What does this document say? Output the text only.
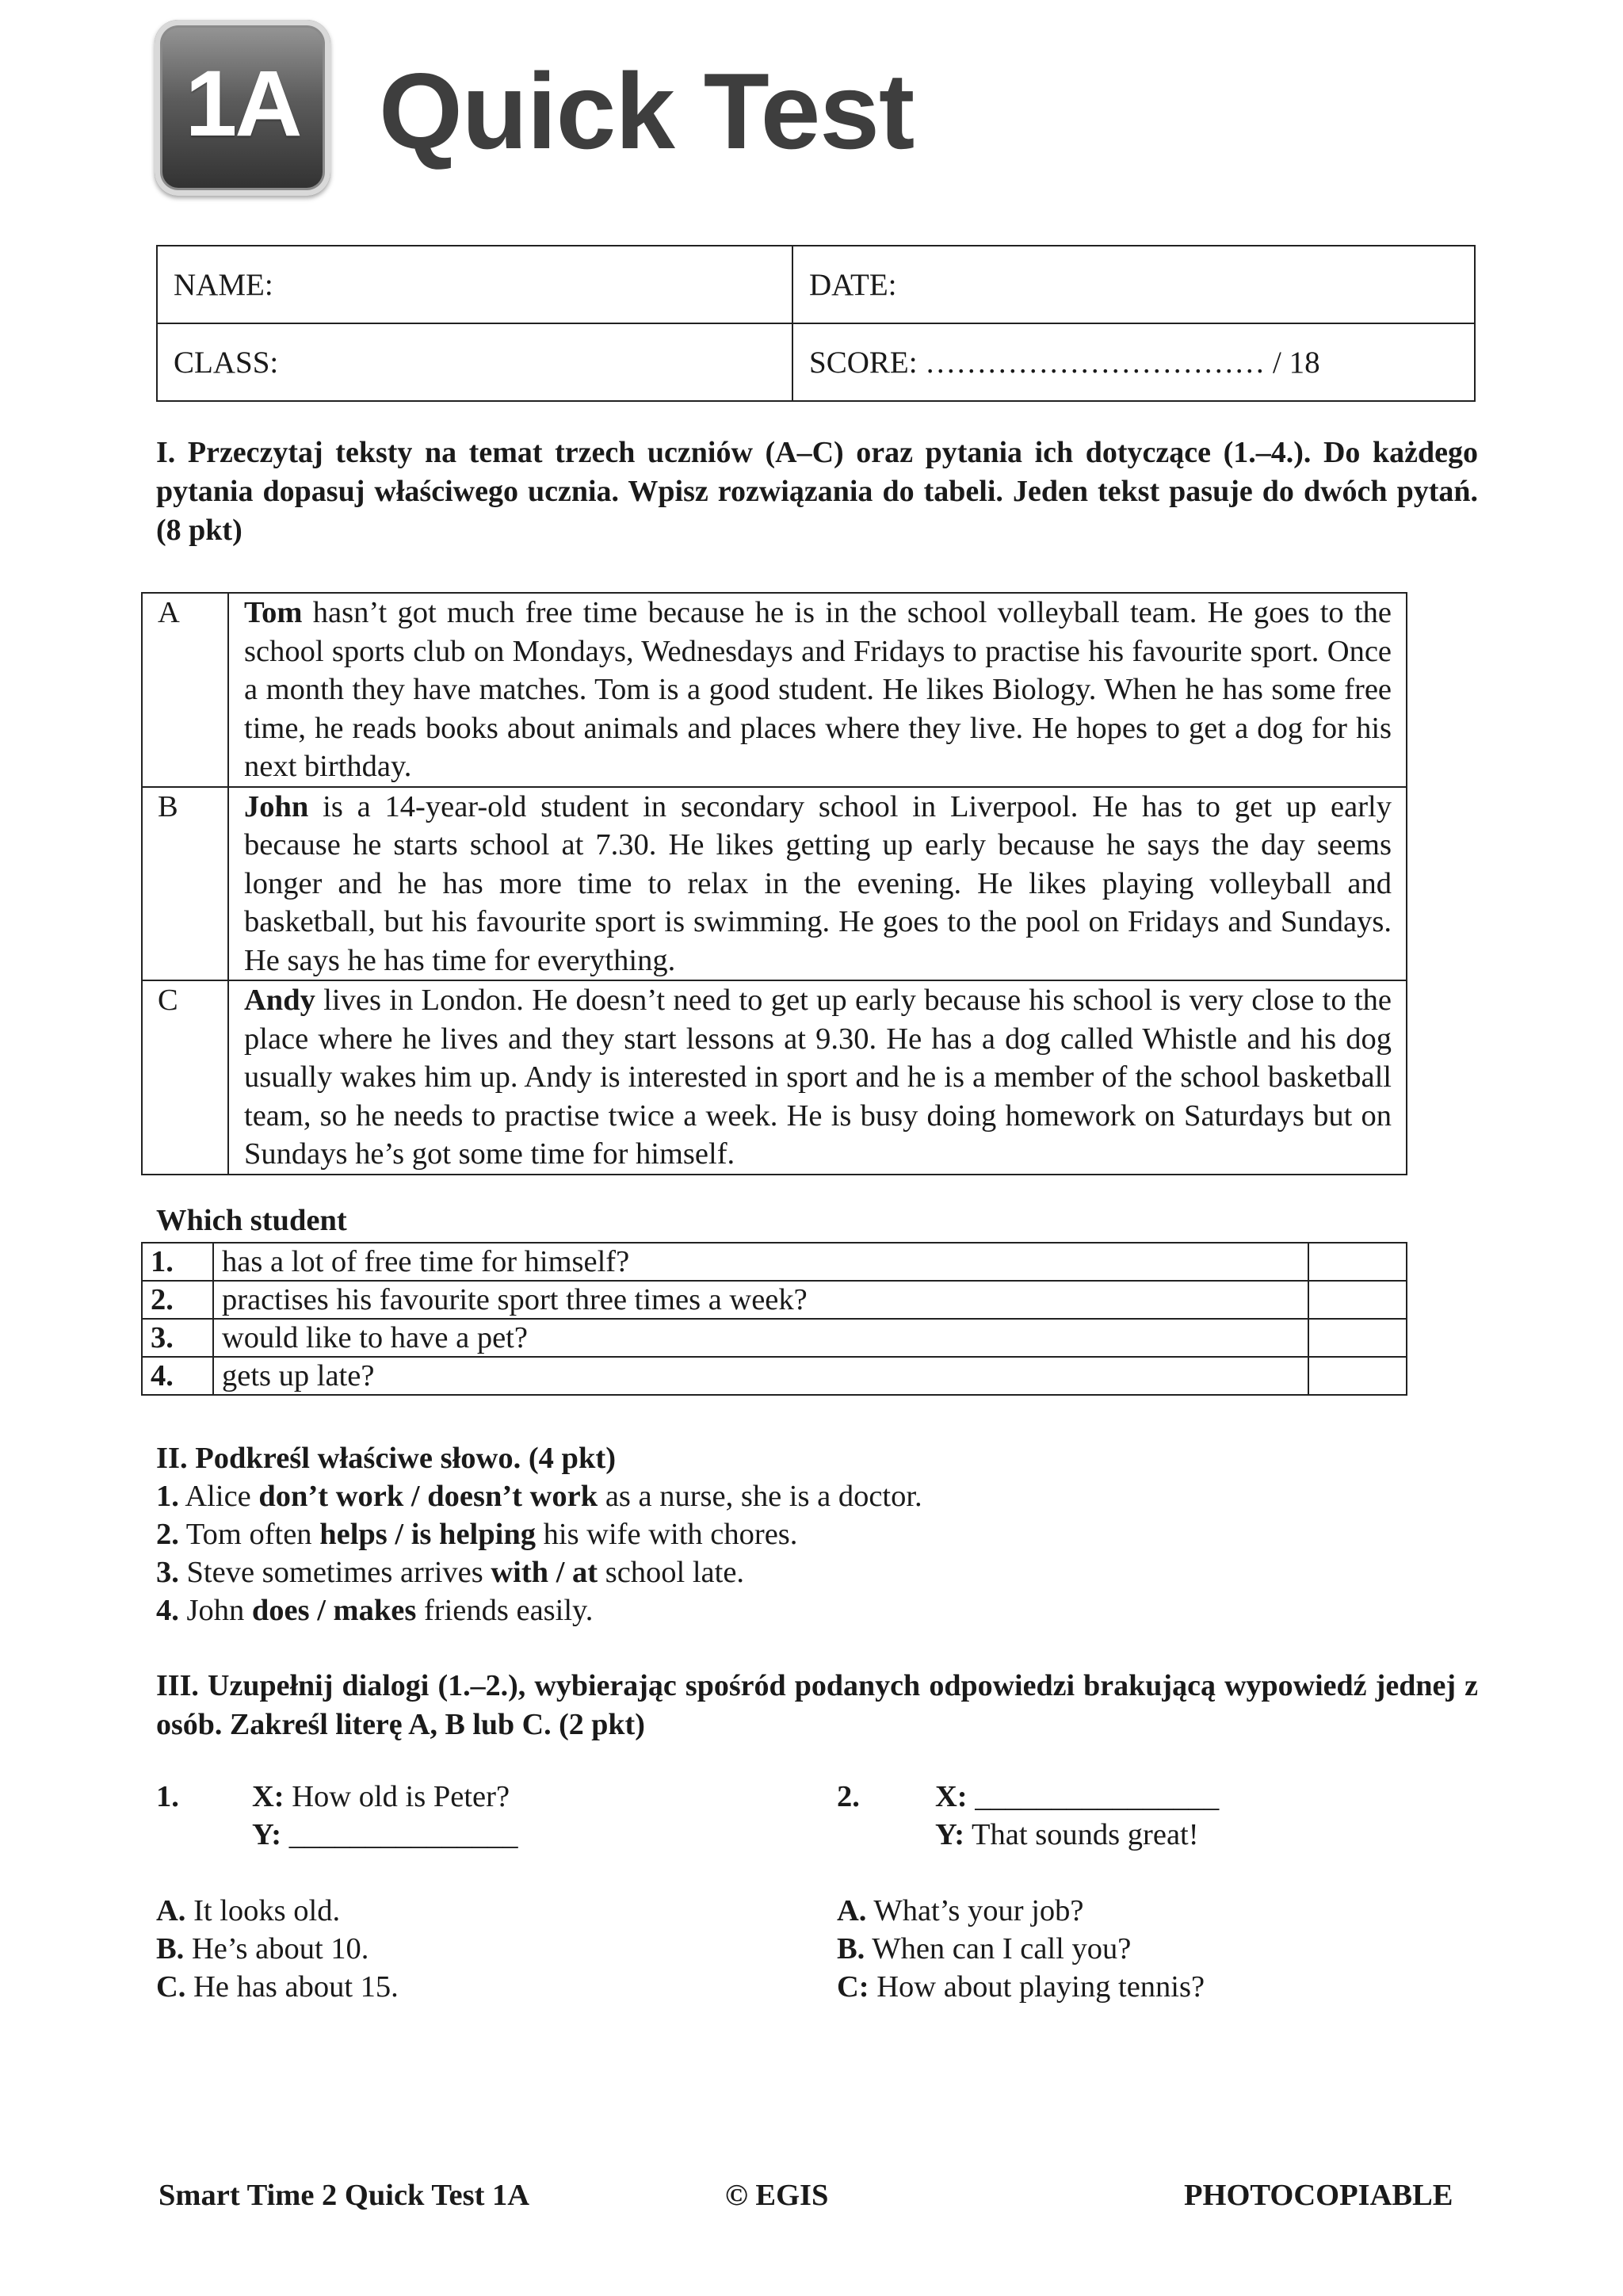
1A Quick Test
NAME:	DATE:
CLASS:	SCORE: …………………………… / 18
I. Przeczytaj teksty na temat trzech uczniów (A–C) oraz pytania ich dotyczące (1.–4.). Do każdego pytania dopasuj właściwego ucznia. Wpisz rozwiązania do tabeli. Jeden tekst pasuje do dwóch pytań. (8 pkt)
A	Tom hasn’t got much free time because he is in the school volleyball team. He goes to the school sports club on Mondays, Wednesdays and Fridays to practise his favourite sport. Once a month they have matches. Tom is a good student. He likes Biology. When he has some free time, he reads books about animals and places where they live. He hopes to get a dog for his next birthday.
B	John is a 14-year-old student in secondary school in Liverpool. He has to get up early because he starts school at 7.30. He likes getting up early because he says the day seems longer and he has more time to relax in the evening. He likes playing volleyball and basketball, but his favourite sport is swimming. He goes to the pool on Fridays and Sundays. He says he has time for everything.
C	Andy lives in London. He doesn’t need to get up early because his school is very close to the place where he lives and they start lessons at 9.30. He has a dog called Whistle and his dog usually wakes him up. Andy is interested in sport and he is a member of the school basketball team, so he needs to practise twice a week. He is busy doing homework on Saturdays but on Sundays he’s got some time for himself.
Which student
1.	has a lot of free time for himself?	
2.	practises his favourite sport three times a week?	
3.	would like to have a pet?	
4.	gets up late?	
II. Podkreśl właściwe słowo. (4 pkt)
1. Alice don’t work / doesn’t work as a nurse, she is a doctor.
2. Tom often helps / is helping his wife with chores.
3. Steve sometimes arrives with / at school late.
4. John does / makes friends easily.
III. Uzupełnij dialogi (1.–2.), wybierając spośród podanych odpowiedzi brakującą wypowiedź jednej z osób. Zakreśl literę A, B lub C. (2 pkt)
1. X: How old is Peter?
Y: _______________
A. It looks old.
B. He’s about 10.
C. He has about 15.
2. X: ________________
Y: That sounds great!
A. What’s your job?
B. When can I call you?
C: How about playing tennis?
Smart Time 2 Quick Test 1A	© EGIS	PHOTOCOPIABLE
